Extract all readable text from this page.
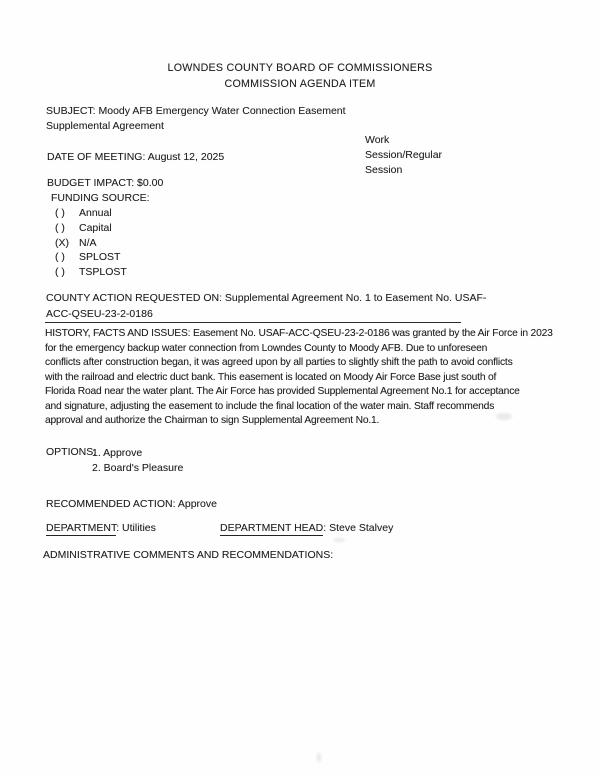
LOWNDES COUNTY BOARD OF COMMISSIONERS
COMMISSION AGENDA ITEM
SUBJECT: Moody AFB Emergency Water Connection Easement
Supplemental Agreement
Work
Session/Regular
Session
DATE OF MEETING: August 12, 2025
BUDGET IMPACT: $0.00
FUNDING SOURCE:
( ) Annual
( ) Capital
(X) N/A
( ) SPLOST
( ) TSPLOST
COUNTY ACTION REQUESTED ON: Supplemental Agreement No. 1 to Easement No. USAF-
ACC-QSEU-23-2-0186
HISTORY, FACTS AND ISSUES: Easement No. USAF-ACC-QSEU-23-2-0186 was granted by the Air Force in 2023
for the emergency backup water connection from Lowndes County to Moody AFB. Due to unforeseen
conflicts after construction began, it was agreed upon by all parties to slightly shift the path to avoid conflicts
with the railroad and electric duct bank. This easement is located on Moody Air Force Base just south of
Florida Road near the water plant. The Air Force has provided Supplemental Agreement No.1 for acceptance
and signature, adjusting the easement to include the final location of the water main. Staff recommends
approval and authorize the Chairman to sign Supplemental Agreement No.1.
OPTIONS:
1. Approve
2. Board's Pleasure
RECOMMENDED ACTION: Approve
DEPARTMENT: Utilities	DEPARTMENT HEAD: Steve Stalvey
ADMINISTRATIVE COMMENTS AND RECOMMENDATIONS:
